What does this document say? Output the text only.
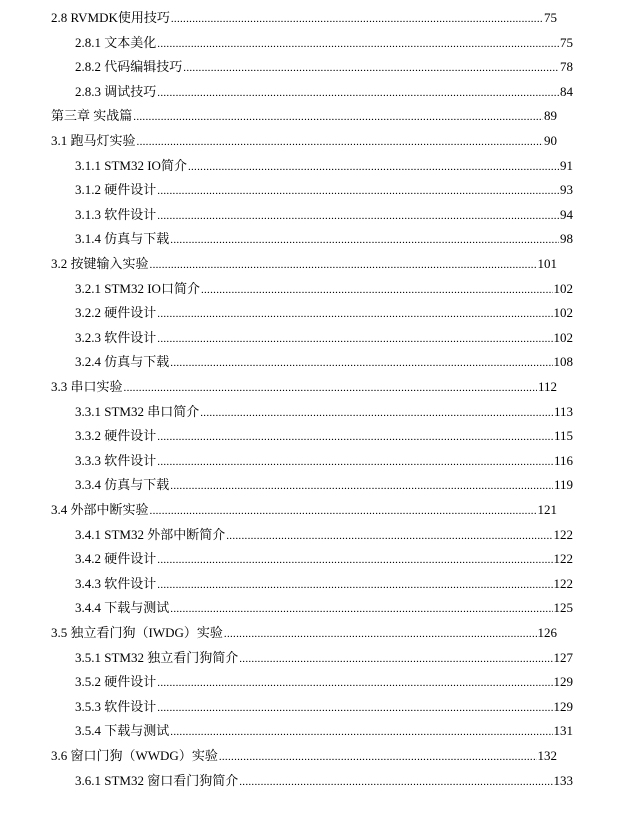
2.8 RVMDK使用技巧 .....	75
2.8.1 文本美化 .....	75
2.8.2 代码编辑技巧 .....	78
2.8.3 调试技巧 .....	84
第三章 实战篇 .....	89
3.1 跑马灯实验 .....	90
3.1.1 STM32 IO简介 .....	91
3.1.2 硬件设计 .....	93
3.1.3 软件设计 .....	94
3.1.4 仿真与下载 .....	98
3.2 按键输入实验 .....	101
3.2.1 STM32 IO口简介 .....	102
3.2.2 硬件设计 .....	102
3.2.3 软件设计 .....	102
3.2.4 仿真与下载 .....	108
3.3 串口实验 .....	112
3.3.1 STM32 串口简介 .....	113
3.3.2 硬件设计 .....	115
3.3.3 软件设计 .....	116
3.3.4 仿真与下载 .....	119
3.4 外部中断实验 .....	121
3.4.1 STM32 外部中断简介 .....	122
3.4.2 硬件设计 .....	122
3.4.3 软件设计 .....	122
3.4.4 下载与测试 .....	125
3.5 独立看门狗（IWDG）实验 .....	126
3.5.1 STM32 独立看门狗简介 .....	127
3.5.2 硬件设计 .....	129
3.5.3 软件设计 .....	129
3.5.4 下载与测试 .....	131
3.6 窗口门狗（WWDG）实验 .....	132
3.6.1 STM32 窗口看门狗简介 .....	133
